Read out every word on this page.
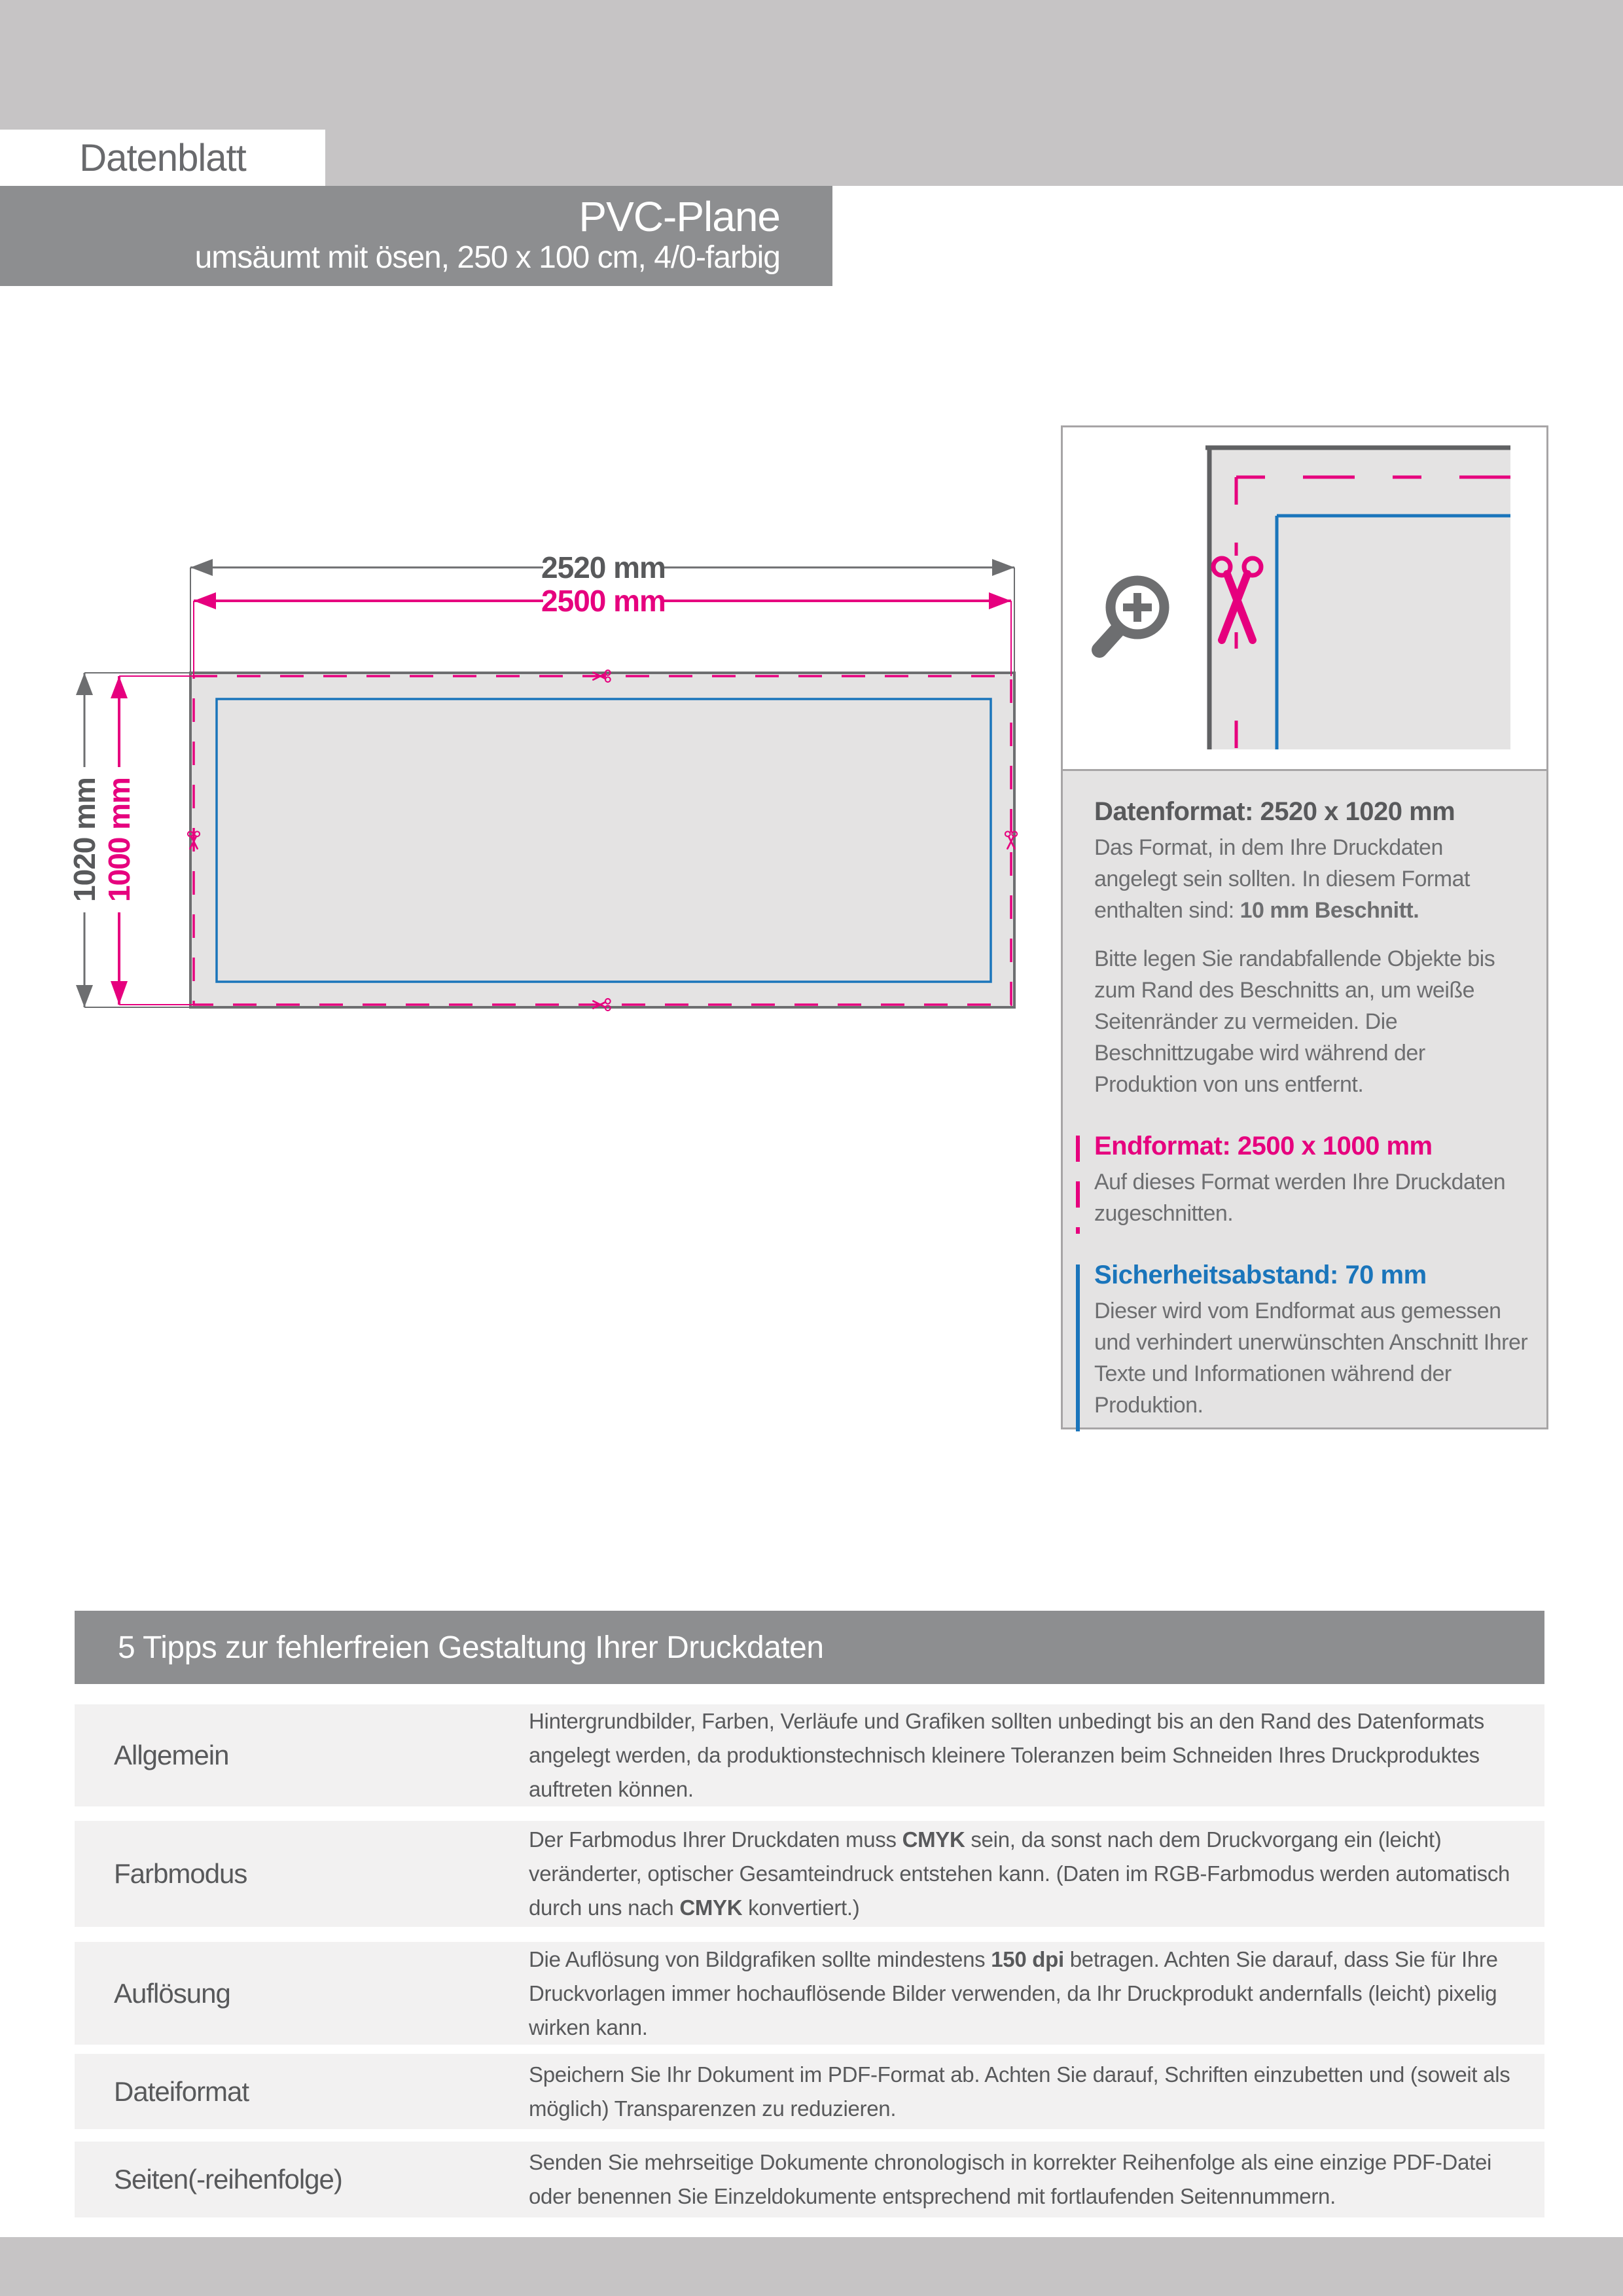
Datenblatt
PVC-Plane
umsäumt mit ösen, 250 x 100 cm, 4/0-farbig
2520 mm
2500 mm
1020 mm 1000 mm	Datenformat: 2520 x 1020 mm

Das Format, in dem Ihre Druckdaten angelegt sein sollten. In diesem Format enthalten sind: 10 mm Beschnitt.

Bitte legen Sie randabfallende Objekte bis zum Rand des Beschnitts an, um weiße Seitenränder zu vermeiden. Die Beschnittzugabe wird während der Produktion von uns entfernt.

Endformat: 2500 x 1000 mm

Auf dieses Format werden Ihre Druckdaten zugeschnitten.

Sicherheitsabstand: 70 mm

Dieser wird vom Endformat aus gemessen und verhindert unerwünschten Anschnitt Ihrer Texte und Informationen während der Produktion.

5 Tipps zur fehlerfreien Gestaltung Ihrer Druckdaten
Allgemein
Hintergrundbilder, Farben, Verläufe und Grafiken sollten unbedingt bis an den Rand des Datenformats angelegt werden, da produktionstechnisch kleinere Toleranzen beim Schneiden Ihres Druckproduktes auftreten können.
Farbmodus
Der Farbmodus Ihrer Druckdaten muss CMYK sein, da sonst nach dem Druckvorgang ein (leicht) veränderter, optischer Gesamteindruck entstehen kann. (Daten im RGB-Farbmodus werden automatisch durch uns nach CMYK konvertiert.)
Auflösung
Die Auflösung von Bildgrafiken sollte mindestens 150 dpi betragen. Achten Sie darauf, dass Sie für Ihre Druckvorlagen immer hochauflösende Bilder verwenden, da Ihr Druckprodukt andernfalls (leicht) pixelig wirken kann.
Dateiformat
Speichern Sie Ihr Dokument im PDF-Format ab. Achten Sie darauf, Schriften einzubetten und (soweit als möglich) Transparenzen zu reduzieren.
Seiten(-reihenfolge)
Senden Sie mehrseitige Dokumente chronologisch in korrekter Reihenfolge als eine einzige PDF-Datei oder benennen Sie Einzeldokumente entsprechend mit fortlaufenden Seitennummern.
